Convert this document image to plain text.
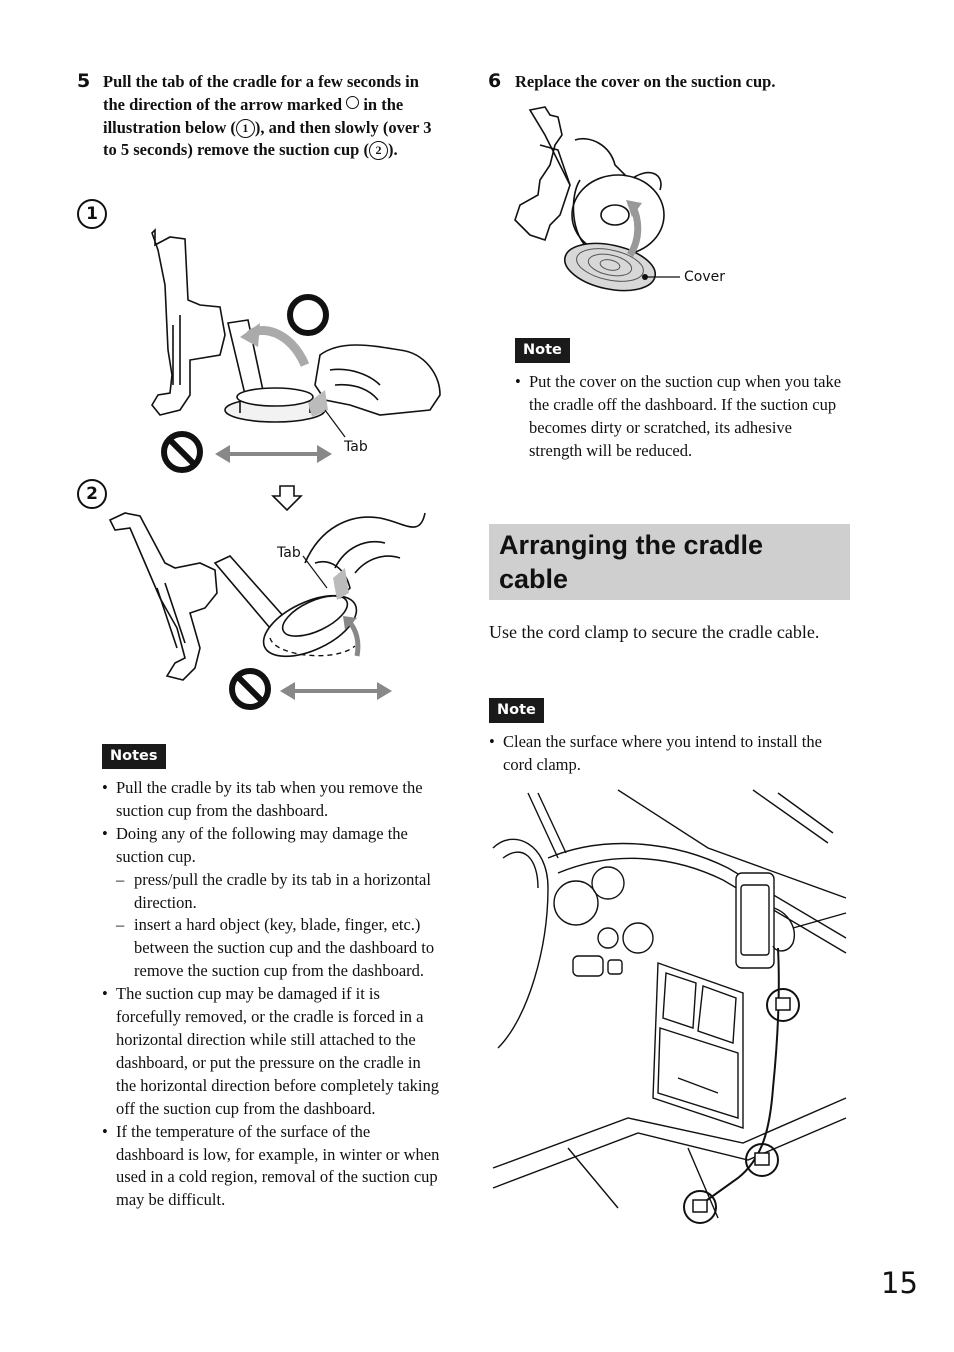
5 Pull the tab of the cradle for a few seconds in the direction of the arrow marked in the illustration below ( 1 ), and then slowly (over 3 to 5 seconds) remove the suction cup ( 2 ).
1
2
Tab
Tab
Notes
• Pull the cradle by its tab when you remove the suction cup from the dashboard.
• Doing any of the following may damage the suction cup.
– press/pull the cradle by its tab in a horizontal direction.
– insert a hard object (key, blade, finger, etc.) between the suction cup and the dashboard to remove the suction cup from the dashboard.
• The suction cup may be damaged if it is forcefully removed, or the cradle is forced in a horizontal direction while still attached to the dashboard, or put the pressure on the cradle in the horizontal direction before completely taking off the suction cup from the dashboard.
• If the temperature of the surface of the dashboard is low, for example, in winter or when used in a cold region, removal of the suction cup may be difficult.
6 Replace the cover on the suction cup.
Cover
Note
• Put the cover on the suction cup when you take the cradle off the dashboard. If the suction cup becomes dirty or scratched, its adhesive strength will be reduced.
Arranging the cradle
cable
Use the cord clamp to secure the cradle cable.
Note
• Clean the surface where you intend to install the cord clamp.
15
